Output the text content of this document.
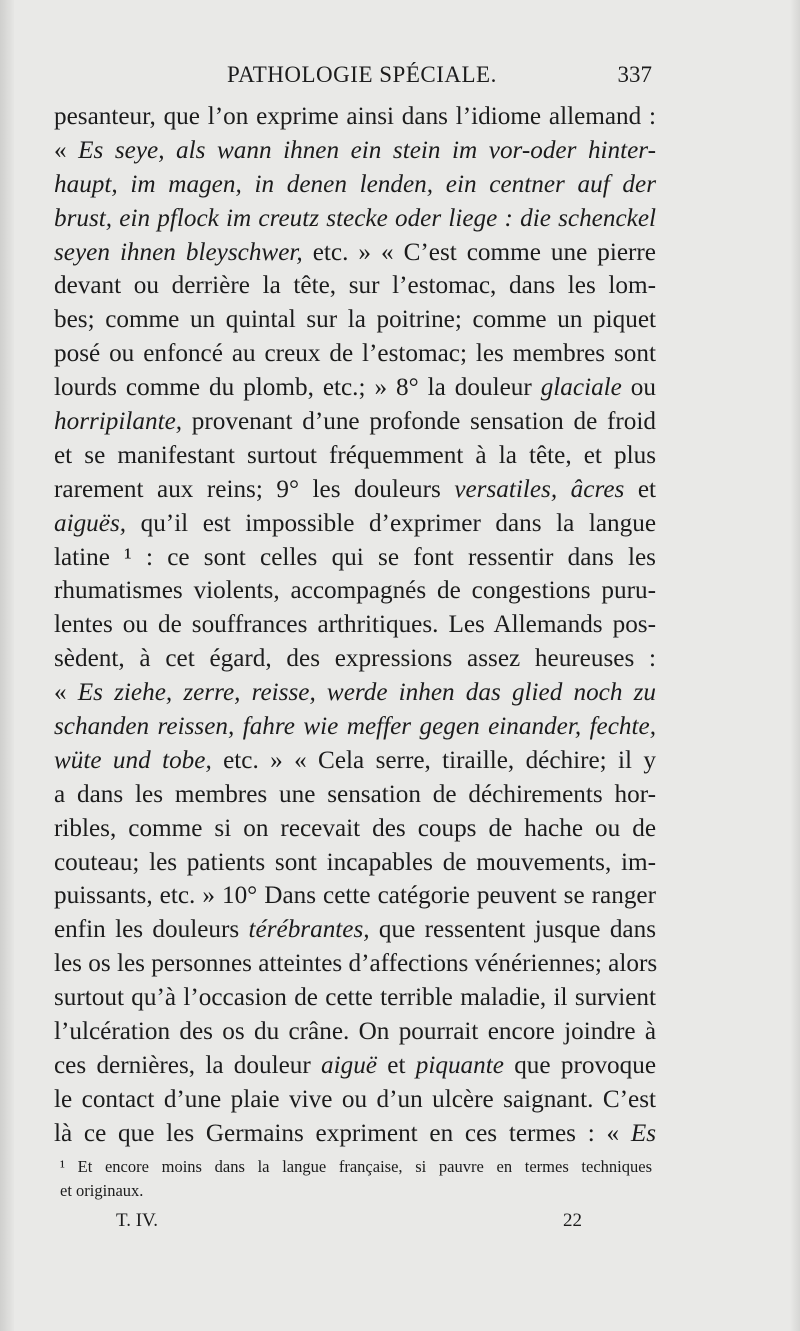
PATHOLOGIE SPÉCIALE.	337
pesanteur, que l’on exprime ainsi dans l’idiome allemand :
« Es seye, als wann ihnen ein stein im vor-oder hinter-
haupt, im magen, in denen lenden, ein centner auf der
brust, ein pflock im creutz stecke oder liege : die schenckel
seyen ihnen bleyschwer, etc. » « C’est comme une pierre
devant ou derrière la tête, sur l’estomac, dans les lom-
bes; comme un quintal sur la poitrine; comme un piquet
posé ou enfoncé au creux de l’estomac; les membres sont
lourds comme du plomb, etc.; » 8° la douleur glaciale ou
horripilante, provenant d’une profonde sensation de froid
et se manifestant surtout fréquemment à la tête, et plus
rarement aux reins; 9° les douleurs versatiles, âcres et
aiguës, qu’il est impossible d’exprimer dans la langue
latine ¹ : ce sont celles qui se font ressentir dans les
rhumatismes violents, accompagnés de congestions puru-
lentes ou de souffrances arthritiques. Les Allemands pos-
sèdent, à cet égard, des expressions assez heureuses :
« Es ziehe, zerre, reisse, werde inhen das glied noch zu
schanden reissen, fahre wie meffer gegen einander, fechte,
wüte und tobe, etc. » « Cela serre, tiraille, déchire; il y
a dans les membres une sensation de déchirements hor-
ribles, comme si on recevait des coups de hache ou de
couteau; les patients sont incapables de mouvements, im-
puissants, etc. » 10° Dans cette catégorie peuvent se ranger
enfin les douleurs térébrantes, que ressentent jusque dans
les os les personnes atteintes d’affections vénériennes; alors
surtout qu’à l’occasion de cette terrible maladie, il survient
l’ulcération des os du crâne. On pourrait encore joindre à
ces dernières, la douleur aiguë et piquante que provoque
le contact d’une plaie vive ou d’un ulcère saignant. C’est
là ce que les Germains expriment en ces termes : « Es
¹ Et encore moins dans la langue française, si pauvre en termes techniques
et originaux.
T. IV.	22
